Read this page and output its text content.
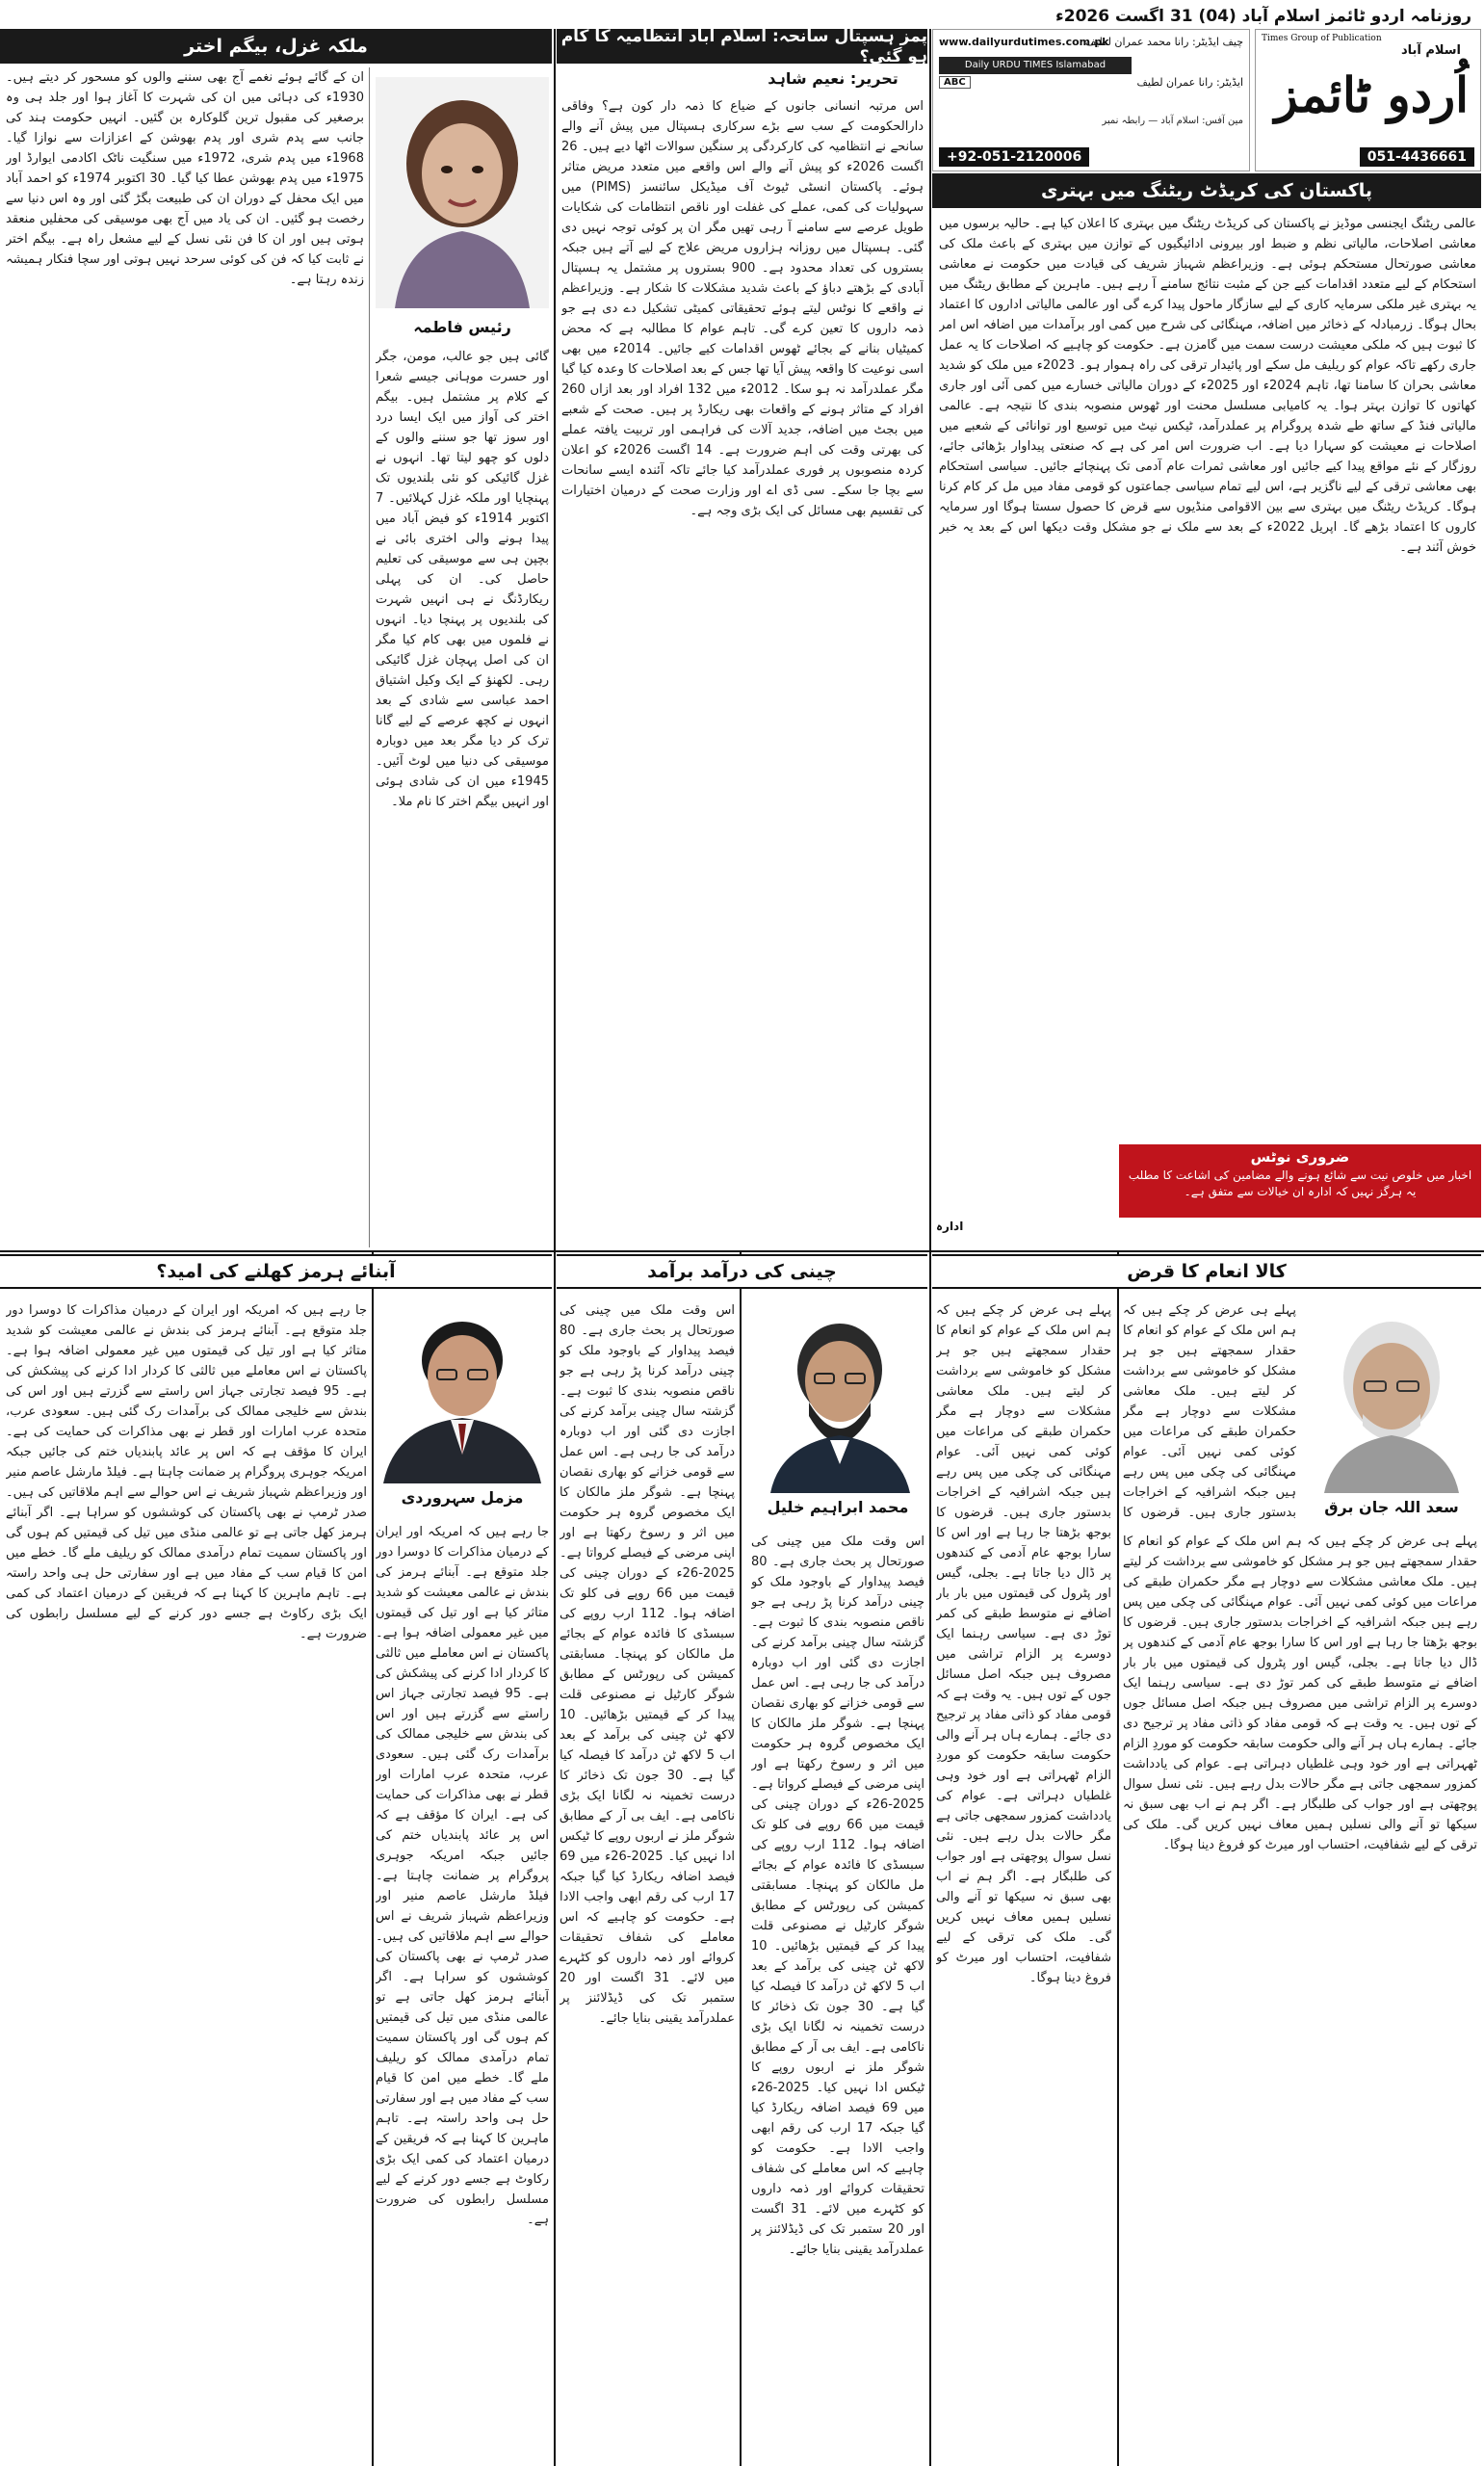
روزنامہ اردو ٹائمز اسلام آباد (04) 31 اگست 2026ء
اسلام آباد
Times Group of Publication
اُردو ٹائمز
051-4436661
www.dailyurdutimes.com.pk
چیف ایڈیٹر: رانا محمد عمران لطیف
Daily URDU TIMES Islamabad
ABC	ایڈیٹر: رانا عمران لطیف
مین آفس: اسلام آباد — رابطہ نمبر
+92-051-2120006
پاکستان کی کریڈٹ ریٹنگ میں بہتری
عالمی ریٹنگ ایجنسی موڈیز نے پاکستان کی کریڈٹ ریٹنگ میں بہتری کا اعلان کیا ہے۔ حالیہ برسوں میں معاشی اصلاحات، مالیاتی نظم و ضبط اور بیرونی ادائیگیوں کے توازن میں بہتری کے باعث ملک کی معاشی صورتحال مستحکم ہوئی ہے۔ وزیراعظم شہباز شریف کی قیادت میں حکومت نے معاشی استحکام کے لیے متعدد اقدامات کیے جن کے مثبت نتائج سامنے آ رہے ہیں۔ ماہرین کے مطابق ریٹنگ میں یہ بہتری غیر ملکی سرمایہ کاری کے لیے سازگار ماحول پیدا کرے گی اور عالمی مالیاتی اداروں کا اعتماد بحال ہوگا۔ زرمبادلہ کے ذخائر میں اضافہ، مہنگائی کی شرح میں کمی اور برآمدات میں اضافہ اس امر کا ثبوت ہیں کہ ملکی معیشت درست سمت میں گامزن ہے۔ حکومت کو چاہیے کہ اصلاحات کا یہ عمل جاری رکھے تاکہ عوام کو ریلیف مل سکے اور پائیدار ترقی کی راہ ہموار ہو۔ 2023ء میں ملک کو شدید معاشی بحران کا سامنا تھا، تاہم 2024ء اور 2025ء کے دوران مالیاتی خسارے میں کمی آئی اور جاری کھاتوں کا توازن بہتر ہوا۔ یہ کامیابی مسلسل محنت اور ٹھوس منصوبہ بندی کا نتیجہ ہے۔ عالمی مالیاتی فنڈ کے ساتھ طے شدہ پروگرام پر عملدرآمد، ٹیکس نیٹ میں توسیع اور توانائی کے شعبے میں اصلاحات نے معیشت کو سہارا دیا ہے۔ اب ضرورت اس امر کی ہے کہ صنعتی پیداوار بڑھائی جائے، روزگار کے نئے مواقع پیدا کیے جائیں اور معاشی ثمرات عام آدمی تک پہنچائے جائیں۔ سیاسی استحکام بھی معاشی ترقی کے لیے ناگزیر ہے، اس لیے تمام سیاسی جماعتوں کو قومی مفاد میں مل کر کام کرنا ہوگا۔ کریڈٹ ریٹنگ میں بہتری سے بین الاقوامی منڈیوں سے قرض کا حصول سستا ہوگا اور سرمایہ کاروں کا اعتماد بڑھے گا۔ اپریل 2022ء کے بعد سے ملک نے جو مشکل وقت دیکھا اس کے بعد یہ خبر خوش آئند ہے۔
ضروری نوٹس
اخبار میں خلوص نیت سے شائع ہونے والے مضامین کی اشاعت کا مطلب یہ ہرگز نہیں کہ ادارہ ان خیالات سے متفق ہے۔
ادارہ
پمز ہسپتال سانحہ: اسلام آباد انتظامیہ کا کام ہو گئی؟
تحریر: نعیم شاہد
اس مرتبہ انسانی جانوں کے ضیاع کا ذمہ دار کون ہے؟ وفاقی دارالحکومت کے سب سے بڑے سرکاری ہسپتال میں پیش آنے والے سانحے نے انتظامیہ کی کارکردگی پر سنگین سوالات اٹھا دیے ہیں۔ 26 اگست 2026ء کو پیش آنے والے اس واقعے میں متعدد مریض متاثر ہوئے۔ پاکستان انسٹی ٹیوٹ آف میڈیکل سائنسز (PIMS) میں سہولیات کی کمی، عملے کی غفلت اور ناقص انتظامات کی شکایات طویل عرصے سے سامنے آ رہی تھیں مگر ان پر کوئی توجہ نہیں دی گئی۔ ہسپتال میں روزانہ ہزاروں مریض علاج کے لیے آتے ہیں جبکہ بستروں کی تعداد محدود ہے۔ 900 بستروں پر مشتمل یہ ہسپتال آبادی کے بڑھتے دباؤ کے باعث شدید مشکلات کا شکار ہے۔ وزیراعظم نے واقعے کا نوٹس لیتے ہوئے تحقیقاتی کمیٹی تشکیل دے دی ہے جو ذمہ داروں کا تعین کرے گی۔ تاہم عوام کا مطالبہ ہے کہ محض کمیٹیاں بنانے کے بجائے ٹھوس اقدامات کیے جائیں۔ 2014ء میں بھی اسی نوعیت کا واقعہ پیش آیا تھا جس کے بعد اصلاحات کا وعدہ کیا گیا مگر عملدرآمد نہ ہو سکا۔ 2012ء میں 132 افراد اور بعد ازاں 260 افراد کے متاثر ہونے کے واقعات بھی ریکارڈ پر ہیں۔ صحت کے شعبے میں بجٹ میں اضافہ، جدید آلات کی فراہمی اور تربیت یافتہ عملے کی بھرتی وقت کی اہم ضرورت ہے۔ 14 اگست 2026ء کو اعلان کردہ منصوبوں پر فوری عملدرآمد کیا جائے تاکہ آئندہ ایسے سانحات سے بچا جا سکے۔ سی ڈی اے اور وزارت صحت کے درمیان اختیارات کی تقسیم بھی مسائل کی ایک بڑی وجہ ہے۔
ملکہ غزل، بیگم اختر
رئیس فاطمہ
گائی ہیں جو عالب، مومن، جگر اور حسرت موہانی جیسے شعرا کے کلام پر مشتمل ہیں۔ بیگم اختر کی آواز میں ایک ایسا درد اور سوز تھا جو سننے والوں کے دلوں کو چھو لیتا تھا۔ انہوں نے غزل گائیکی کو نئی بلندیوں تک پہنچایا اور ملکہ غزل کہلائیں۔ 7 اکتوبر 1914ء کو فیض آباد میں پیدا ہونے والی اختری بائی نے بچپن ہی سے موسیقی کی تعلیم حاصل کی۔ ان کی پہلی ریکارڈنگ نے ہی انہیں شہرت کی بلندیوں پر پہنچا دیا۔ انہوں نے فلموں میں بھی کام کیا مگر ان کی اصل پہچان غزل گائیکی رہی۔ لکھنؤ کے ایک وکیل اشتیاق احمد عباسی سے شادی کے بعد انہوں نے کچھ عرصے کے لیے گانا ترک کر دیا مگر بعد میں دوبارہ موسیقی کی دنیا میں لوٹ آئیں۔ 1945ء میں ان کی شادی ہوئی اور انہیں بیگم اختر کا نام ملا۔
ان کے گائے ہوئے نغمے آج بھی سننے والوں کو مسحور کر دیتے ہیں۔ 1930ء کی دہائی میں ان کی شہرت کا آغاز ہوا اور جلد ہی وہ برصغیر کی مقبول ترین گلوکارہ بن گئیں۔ انہیں حکومت ہند کی جانب سے پدم شری اور پدم بھوشن کے اعزازات سے نوازا گیا۔ 1968ء میں پدم شری، 1972ء میں سنگیت ناٹک اکادمی ایوارڈ اور 1975ء میں پدم بھوشن عطا کیا گیا۔ 30 اکتوبر 1974ء کو احمد آباد میں ایک محفل کے دوران ان کی طبیعت بگڑ گئی اور وہ اس دنیا سے رخصت ہو گئیں۔ ان کی یاد میں آج بھی موسیقی کی محفلیں منعقد ہوتی ہیں اور ان کا فن نئی نسل کے لیے مشعل راہ ہے۔ بیگم اختر نے ثابت کیا کہ فن کی کوئی سرحد نہیں ہوتی اور سچا فنکار ہمیشہ زندہ رہتا ہے۔
کالا انعام کا قرض
سعد اللہ جان برق
پہلے ہی عرض کر چکے ہیں کہ ہم اس ملک کے عوام کو انعام کا حقدار سمجھتے ہیں جو ہر مشکل کو خاموشی سے برداشت کر لیتے ہیں۔ ملک معاشی مشکلات سے دوچار ہے مگر حکمران طبقے کی مراعات میں کوئی کمی نہیں آئی۔ عوام مہنگائی کی چکی میں پس رہے ہیں جبکہ اشرافیہ کے اخراجات بدستور جاری ہیں۔ قرضوں کا بوجھ بڑھتا جا رہا ہے اور اس کا سارا بوجھ عام آدمی کے کندھوں پر ڈال دیا جاتا ہے۔ بجلی، گیس اور پٹرول کی قیمتوں میں بار بار اضافے نے متوسط طبقے کی کمر توڑ دی ہے۔ سیاسی رہنما ایک دوسرے پر الزام تراشی میں مصروف ہیں جبکہ اصل مسائل جوں کے توں ہیں۔ یہ وقت ہے کہ قومی مفاد کو ذاتی مفاد پر ترجیح دی جائے۔ ہمارے ہاں ہر آنے والی حکومت سابقہ حکومت کو موردِ الزام ٹھہراتی ہے اور خود وہی غلطیاں دہراتی ہے۔ عوام کی یادداشت کمزور سمجھی جاتی ہے مگر حالات بدل رہے ہیں۔ نئی نسل سوال پوچھتی ہے اور جواب کی طلبگار ہے۔ اگر ہم نے اب بھی سبق نہ سیکھا تو آنے والی نسلیں ہمیں معاف نہیں کریں گی۔ ملک کی ترقی کے لیے شفافیت، احتساب اور میرٹ کو فروغ دینا ہوگا۔
پہلے ہی عرض کر چکے ہیں کہ ہم اس ملک کے عوام کو انعام کا حقدار سمجھتے ہیں جو ہر مشکل کو خاموشی سے برداشت کر لیتے ہیں۔ ملک معاشی مشکلات سے دوچار ہے مگر حکمران طبقے کی مراعات میں کوئی کمی نہیں آئی۔ عوام مہنگائی کی چکی میں پس رہے ہیں جبکہ اشرافیہ کے اخراجات بدستور جاری ہیں۔ قرضوں کا
پہلے ہی عرض کر چکے ہیں کہ ہم اس ملک کے عوام کو انعام کا حقدار سمجھتے ہیں جو ہر مشکل کو خاموشی سے برداشت کر لیتے ہیں۔ ملک معاشی مشکلات سے دوچار ہے مگر حکمران طبقے کی مراعات میں کوئی کمی نہیں آئی۔ عوام مہنگائی کی چکی میں پس رہے ہیں جبکہ اشرافیہ کے اخراجات بدستور جاری ہیں۔ قرضوں کا بوجھ بڑھتا جا رہا ہے اور اس کا سارا بوجھ عام آدمی کے کندھوں پر ڈال دیا جاتا ہے۔ بجلی، گیس اور پٹرول کی قیمتوں میں بار بار اضافے نے متوسط طبقے کی کمر توڑ دی ہے۔ سیاسی رہنما ایک دوسرے پر الزام تراشی میں مصروف ہیں جبکہ اصل مسائل جوں کے توں ہیں۔ یہ وقت ہے کہ قومی مفاد کو ذاتی مفاد پر ترجیح دی جائے۔ ہمارے ہاں ہر آنے والی حکومت سابقہ حکومت کو موردِ الزام ٹھہراتی ہے اور خود وہی غلطیاں دہراتی ہے۔ عوام کی یادداشت کمزور سمجھی جاتی ہے مگر حالات بدل رہے ہیں۔ نئی نسل سوال پوچھتی ہے اور جواب کی طلبگار ہے۔ اگر ہم نے اب بھی سبق نہ سیکھا تو آنے والی نسلیں ہمیں معاف نہیں کریں گی۔ ملک کی ترقی کے لیے شفافیت، احتساب اور میرٹ کو فروغ دینا ہوگا۔
چینی کی درآمد برآمد
محمد ابراہیم خلیل
اس وقت ملک میں چینی کی صورتحال پر بحث جاری ہے۔ 80 فیصد پیداوار کے باوجود ملک کو چینی درآمد کرنا پڑ رہی ہے جو ناقص منصوبہ بندی کا ثبوت ہے۔ گزشتہ سال چینی برآمد کرنے کی اجازت دی گئی اور اب دوبارہ درآمد کی جا رہی ہے۔ اس عمل سے قومی خزانے کو بھاری نقصان پہنچا ہے۔ شوگر ملز مالکان کا ایک مخصوص گروہ ہر حکومت میں اثر و رسوخ رکھتا ہے اور اپنی مرضی کے فیصلے کرواتا ہے۔ 2025-26ء کے دوران چینی کی قیمت میں 66 روپے فی کلو تک اضافہ ہوا۔ 112 ارب روپے کی سبسڈی کا فائدہ عوام کے بجائے مل مالکان کو پہنچا۔ مسابقتی کمیشن کی رپورٹس کے مطابق شوگر کارٹیل نے مصنوعی قلت پیدا کر کے قیمتیں بڑھائیں۔ 10 لاکھ ٹن چینی کی برآمد کے بعد اب 5 لاکھ ٹن درآمد کا فیصلہ کیا گیا ہے۔ 30 جون تک ذخائر کا درست تخمینہ نہ لگانا ایک بڑی ناکامی ہے۔ ایف بی آر کے مطابق شوگر ملز نے اربوں روپے کا ٹیکس ادا نہیں کیا۔ 2025-26ء میں 69 فیصد اضافہ ریکارڈ کیا گیا جبکہ 17 ارب کی رقم ابھی واجب الادا ہے۔ حکومت کو چاہیے کہ اس معاملے کی شفاف تحقیقات کروائے اور ذمہ داروں کو کٹہرے میں لائے۔ 31 اگست اور 20 ستمبر تک کی ڈیڈلائنز پر عملدرآمد یقینی بنایا جائے۔
اس وقت ملک میں چینی کی صورتحال پر بحث جاری ہے۔ 80 فیصد پیداوار کے باوجود ملک کو چینی درآمد کرنا پڑ رہی ہے جو ناقص منصوبہ بندی کا ثبوت ہے۔ گزشتہ سال چینی برآمد کرنے کی اجازت دی گئی اور اب دوبارہ درآمد کی جا رہی ہے۔ اس عمل سے قومی خزانے کو بھاری نقصان پہنچا ہے۔ شوگر ملز مالکان کا ایک مخصوص گروہ ہر حکومت میں اثر و رسوخ رکھتا ہے اور اپنی مرضی کے فیصلے کرواتا ہے۔ 2025-26ء کے دوران چینی کی قیمت میں 66 روپے فی کلو تک اضافہ ہوا۔ 112 ارب روپے کی سبسڈی کا فائدہ عوام کے بجائے مل مالکان کو پہنچا۔ مسابقتی کمیشن کی رپورٹس کے مطابق شوگر کارٹیل نے مصنوعی قلت پیدا کر کے قیمتیں بڑھائیں۔ 10 لاکھ ٹن چینی کی برآمد کے بعد اب 5 لاکھ ٹن درآمد کا فیصلہ کیا گیا ہے۔ 30 جون تک ذخائر کا درست تخمینہ نہ لگانا ایک بڑی ناکامی ہے۔ ایف بی آر کے مطابق شوگر ملز نے اربوں روپے کا ٹیکس ادا نہیں کیا۔ 2025-26ء میں 69 فیصد اضافہ ریکارڈ کیا گیا جبکہ 17 ارب کی رقم ابھی واجب الادا ہے۔ حکومت کو چاہیے کہ اس معاملے کی شفاف تحقیقات کروائے اور ذمہ داروں کو کٹہرے میں لائے۔ 31 اگست اور 20 ستمبر تک کی ڈیڈلائنز پر عملدرآمد یقینی بنایا جائے۔
آبنائے ہرمز کھلنے کی امید؟
مزمل سہروردی
جا رہے ہیں کہ امریکہ اور ایران کے درمیان مذاکرات کا دوسرا دور جلد متوقع ہے۔ آبنائے ہرمز کی بندش نے عالمی معیشت کو شدید متاثر کیا ہے اور تیل کی قیمتوں میں غیر معمولی اضافہ ہوا ہے۔ پاکستان نے اس معاملے میں ثالثی کا کردار ادا کرنے کی پیشکش کی ہے۔ 95 فیصد تجارتی جہاز اس راستے سے گزرتے ہیں اور اس کی بندش سے خلیجی ممالک کی برآمدات رک گئی ہیں۔ سعودی عرب، متحدہ عرب امارات اور قطر نے بھی مذاکرات کی حمایت کی ہے۔ ایران کا مؤقف ہے کہ اس پر عائد پابندیاں ختم کی جائیں جبکہ امریکہ جوہری پروگرام پر ضمانت چاہتا ہے۔ فیلڈ مارشل عاصم منیر اور وزیراعظم شہباز شریف نے اس حوالے سے اہم ملاقاتیں کی ہیں۔ صدر ٹرمپ نے بھی پاکستان کی کوششوں کو سراہا ہے۔ اگر آبنائے ہرمز کھل جاتی ہے تو عالمی منڈی میں تیل کی قیمتیں کم ہوں گی اور پاکستان سمیت تمام درآمدی ممالک کو ریلیف ملے گا۔ خطے میں امن کا قیام سب کے مفاد میں ہے اور سفارتی حل ہی واحد راستہ ہے۔ تاہم ماہرین کا کہنا ہے کہ فریقین کے درمیان اعتماد کی کمی ایک بڑی رکاوٹ ہے جسے دور کرنے کے لیے مسلسل رابطوں کی ضرورت ہے۔
جا رہے ہیں کہ امریکہ اور ایران کے درمیان مذاکرات کا دوسرا دور جلد متوقع ہے۔ آبنائے ہرمز کی بندش نے عالمی معیشت کو شدید متاثر کیا ہے اور تیل کی قیمتوں میں غیر معمولی اضافہ ہوا ہے۔ پاکستان نے اس معاملے میں ثالثی کا کردار ادا کرنے کی پیشکش کی ہے۔ 95 فیصد تجارتی جہاز اس راستے سے گزرتے ہیں اور اس کی بندش سے خلیجی ممالک کی برآمدات رک گئی ہیں۔ سعودی عرب، متحدہ عرب امارات اور قطر نے بھی مذاکرات کی حمایت کی ہے۔ ایران کا مؤقف ہے کہ اس پر عائد پابندیاں ختم کی جائیں جبکہ امریکہ جوہری پروگرام پر ضمانت چاہتا ہے۔ فیلڈ مارشل عاصم منیر اور وزیراعظم شہباز شریف نے اس حوالے سے اہم ملاقاتیں کی ہیں۔ صدر ٹرمپ نے بھی پاکستان کی کوششوں کو سراہا ہے۔ اگر آبنائے ہرمز کھل جاتی ہے تو عالمی منڈی میں تیل کی قیمتیں کم ہوں گی اور پاکستان سمیت تمام درآمدی ممالک کو ریلیف ملے گا۔ خطے میں امن کا قیام سب کے مفاد میں ہے اور سفارتی حل ہی واحد راستہ ہے۔ تاہم ماہرین کا کہنا ہے کہ فریقین کے درمیان اعتماد کی کمی ایک بڑی رکاوٹ ہے جسے دور کرنے کے لیے مسلسل رابطوں کی ضرورت ہے۔
